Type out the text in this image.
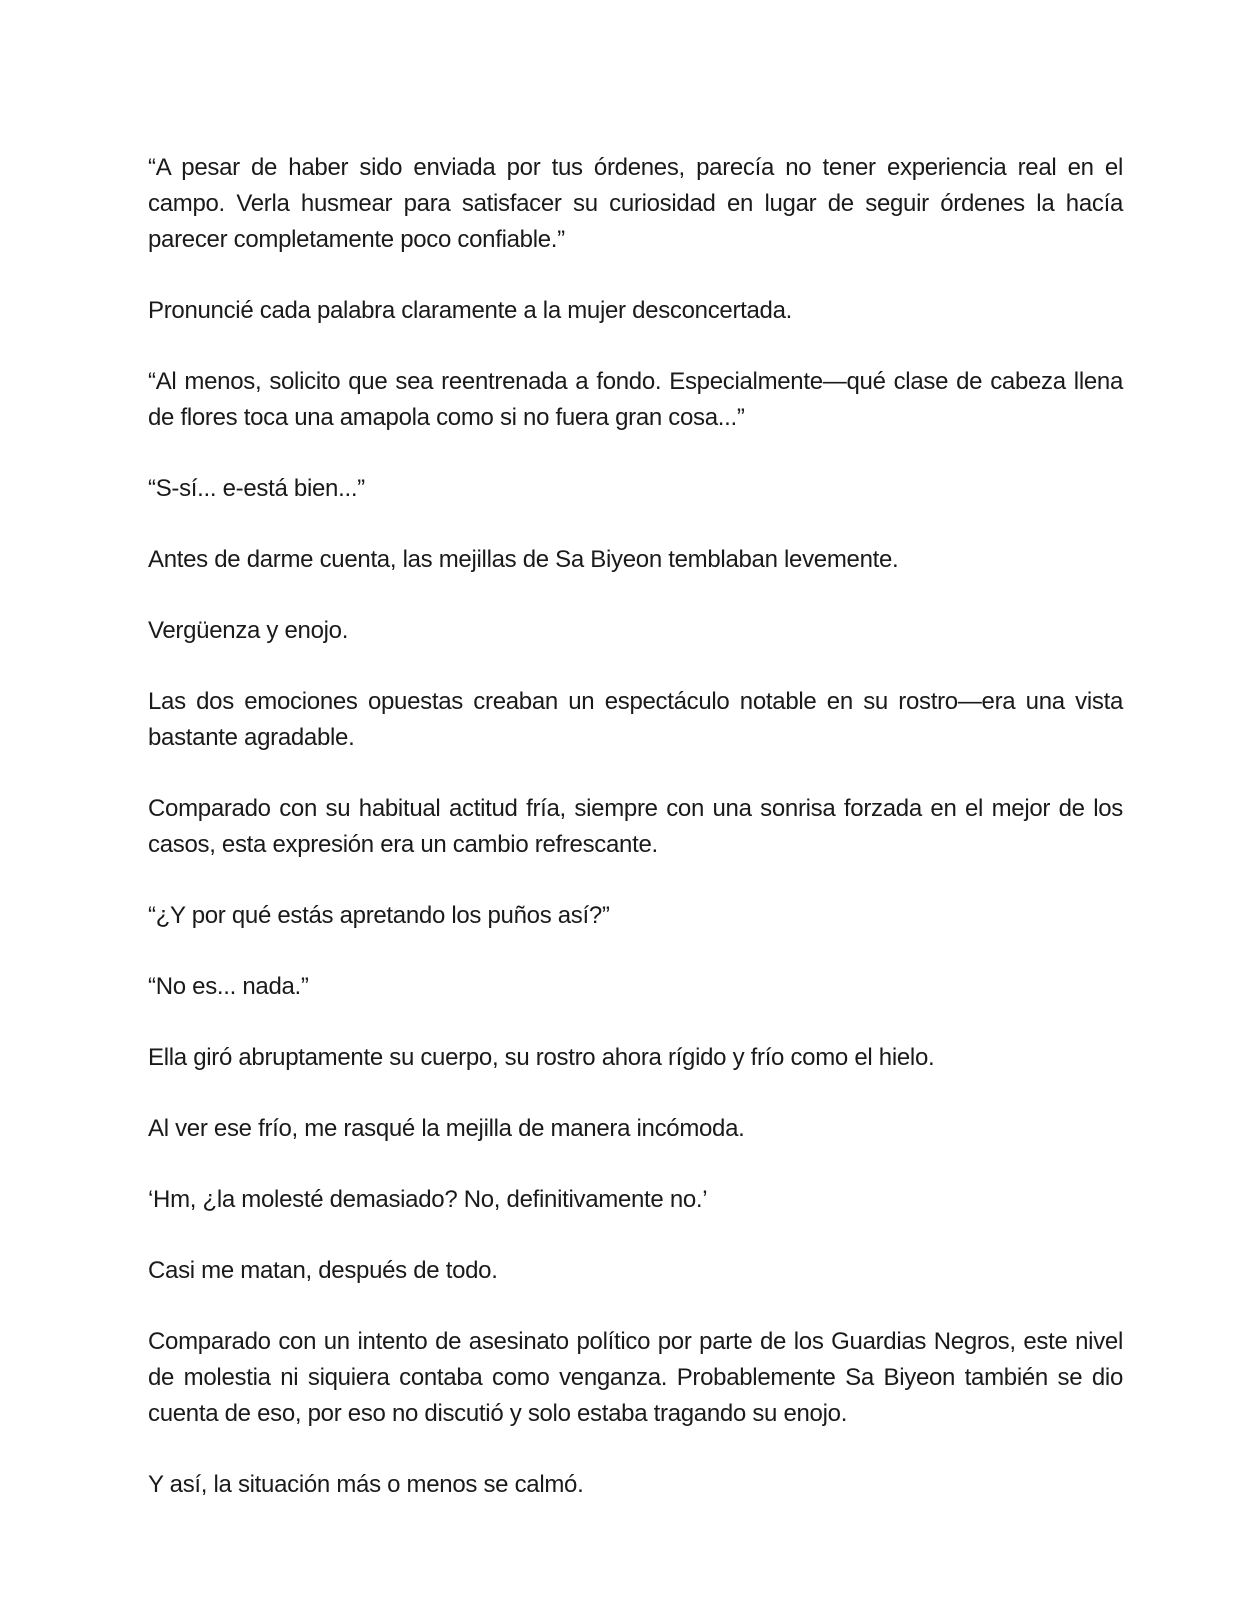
“A pesar de haber sido enviada por tus órdenes, parecía no tener experiencia real en el campo. Verla husmear para satisfacer su curiosidad en lugar de seguir órdenes la hacía parecer completamente poco confiable.”

Pronuncié cada palabra claramente a la mujer desconcertada.

“Al menos, solicito que sea reentrenada a fondo. Especialmente—qué clase de cabeza llena de flores toca una amapola como si no fuera gran cosa...”

“S-sí... e-está bien...”

Antes de darme cuenta, las mejillas de Sa Biyeon temblaban levemente.

Vergüenza y enojo.

Las dos emociones opuestas creaban un espectáculo notable en su rostro—era una vista bastante agradable.

Comparado con su habitual actitud fría, siempre con una sonrisa forzada en el mejor de los casos, esta expresión era un cambio refrescante.

“¿Y por qué estás apretando los puños así?”

“No es... nada.”

Ella giró abruptamente su cuerpo, su rostro ahora rígido y frío como el hielo.

Al ver ese frío, me rasqué la mejilla de manera incómoda.

‘Hm, ¿la molesté demasiado? No, definitivamente no.’

Casi me matan, después de todo.

Comparado con un intento de asesinato político por parte de los Guardias Negros, este nivel de molestia ni siquiera contaba como venganza. Probablemente Sa Biyeon también se dio cuenta de eso, por eso no discutió y solo estaba tragando su enojo.

Y así, la situación más o menos se calmó.
